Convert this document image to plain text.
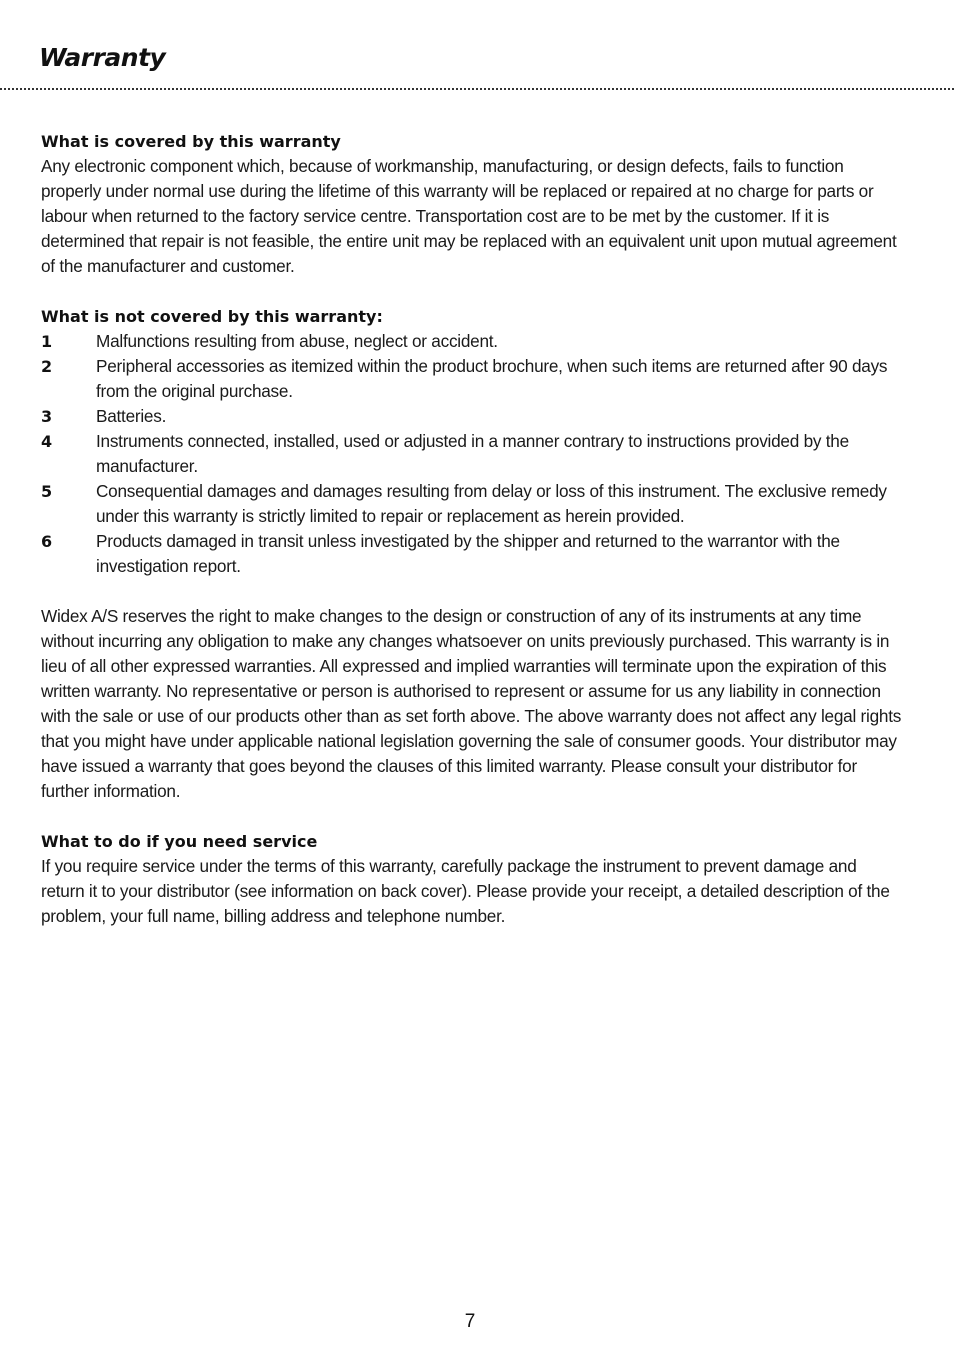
Warranty
What is covered by this warranty

Any electronic component which, because of workmanship, manufacturing, or design defects, fails to function properly under normal use during the lifetime of this warranty will be replaced or repaired at no charge for parts or labour when returned to the factory service centre. Transportation cost are to be met by the customer. If it is determined that repair is not feasible, the entire unit may be replaced with an equivalent unit upon mutual agreement of the manufacturer and customer.

What is not covered by this warranty:
1	Malfunctions resulting from abuse, neglect or accident.
2	Peripheral accessories as itemized within the product brochure, when such items are returned after 90 days from the original purchase.
3	Batteries.
4	Instruments connected, installed, used or adjusted in a manner contrary to instructions provided by the manufacturer.
5	Consequential damages and damages resulting from delay or loss of this instrument. The exclusive remedy under this warranty is strictly limited to repair or replacement as herein provided.
6	Products damaged in transit unless investigated by the shipper and returned to the warrantor with the investigation report.

Widex A/S reserves the right to make changes to the design or construction of any of its instruments at any time without incurring any obligation to make any changes whatsoever on units previously purchased. This warranty is in lieu of all other expressed warranties. All expressed and implied warranties will terminate upon the expiration of this written warranty. No representative or person is authorised to represent or assume for us any liability in connection with the sale or use of our products other than as set forth above. The above warranty does not affect any legal rights that you might have under applicable national legislation governing the sale of consumer goods. Your distributor may have issued a warranty that goes beyond the clauses of this limited warranty. Please consult your distributor for further information.

What to do if you need service

If you require service under the terms of this warranty, carefully package the instrument to prevent damage and return it to your distributor (see information on back cover). Please provide your receipt, a detailed description of the problem, your full name, billing address and telephone number.

7
